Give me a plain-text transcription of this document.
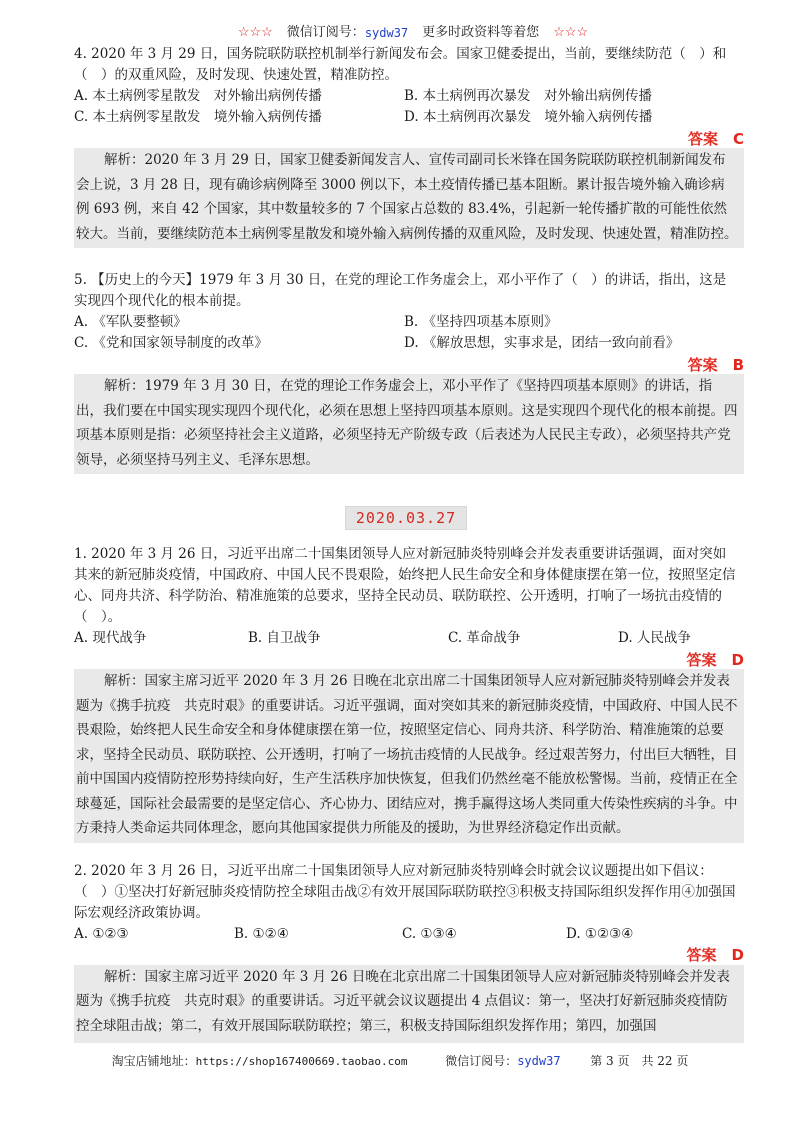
☆☆☆ 微信订阅号： sydw37 更多时政资料等着您 ☆☆☆

4. 2020 年 3 月 29 日，国务院联防联控机制举行新闻发布会。国家卫健委提出，当前，要继续防范（　）和（　）的双重风险，及时发现、快速处置，精准防控。

A. 本土病例零星散发　对外输出病例传播	B. 本土病例再次暴发　对外输出病例传播
C. 本土病例零星散发　境外输入病例传播	D. 本土病例再次暴发　境外输入病例传播
答案　C
解析：2020 年 3 月 29 日，国家卫健委新闻发言人、宣传司副司长米锋在国务院联防联控机制新闻发布会上说，3 月 28 日，现有确诊病例降至 3000 例以下，本土疫情传播已基本阻断。累计报告境外输入确诊病例 693 例，来自 42 个国家，其中数量较多的 7 个国家占总数的 83.4%，引起新一轮传播扩散的可能性依然较大。当前，要继续防范本土病例零星散发和境外输入病例传播的双重风险，及时发现、快速处置，精准防控。

5. 【历史上的今天】1979 年 3 月 30 日，在党的理论工作务虚会上，邓小平作了（　）的讲话，指出，这是实现四个现代化的根本前提。

A. 《军队要整顿》	B. 《坚持四项基本原则》
C. 《党和国家领导制度的改革》	D. 《解放思想，实事求是，团结一致向前看》
答案　B
解析：1979 年 3 月 30 日，在党的理论工作务虚会上，邓小平作了《坚持四项基本原则》的讲话，指出，我们要在中国实现实现四个现代化，必须在思想上坚持四项基本原则。这是实现四个现代化的根本前提。四项基本原则是指：必须坚持社会主义道路，必须坚持无产阶级专政（后表述为人民民主专政），必须坚持共产党领导，必须坚持马列主义、毛泽东思想。
2020.03.27

1. 2020 年 3 月 26 日，习近平出席二十国集团领导人应对新冠肺炎特别峰会并发表重要讲话强调，面对突如其来的新冠肺炎疫情，中国政府、中国人民不畏艰险，始终把人民生命安全和身体健康摆在第一位，按照坚定信心、同舟共济、科学防治、精准施策的总要求，坚持全民动员、联防联控、公开透明，打响了一场抗击疫情的（　）。

A. 现代战争	B. 自卫战争	C. 革命战争	D. 人民战争
答案　D
解析：国家主席习近平 2020 年 3 月 26 日晚在北京出席二十国集团领导人应对新冠肺炎特别峰会并发表题为《携手抗疫　共克时艰》的重要讲话。习近平强调，面对突如其来的新冠肺炎疫情，中国政府、中国人民不畏艰险，始终把人民生命安全和身体健康摆在第一位，按照坚定信心、同舟共济、科学防治、精准施策的总要求，坚持全民动员、联防联控、公开透明，打响了一场抗击疫情的人民战争。经过艰苦努力，付出巨大牺牲，目前中国国内疫情防控形势持续向好，生产生活秩序加快恢复，但我们仍然丝毫不能放松警惕。当前，疫情正在全球蔓延，国际社会最需要的是坚定信心、齐心协力、团结应对，携手赢得这场人类同重大传染性疾病的斗争。中方秉持人类命运共同体理念，愿向其他国家提供力所能及的援助，为世界经济稳定作出贡献。

2. 2020 年 3 月 26 日，习近平出席二十国集团领导人应对新冠肺炎特别峰会时就会议议题提出如下倡议：（　）①坚决打好新冠肺炎疫情防控全球阻击战②有效开展国际联防联控③积极支持国际组织发挥作用④加强国际宏观经济政策协调。

A. ①②③	B. ①②④	C. ①③④	D. ①②③④
答案　D
解析：国家主席习近平 2020 年 3 月 26 日晚在北京出席二十国集团领导人应对新冠肺炎特别峰会并发表题为《携手抗疫　共克时艰》的重要讲话。习近平就会议议题提出 4 点倡议：第一，坚决打好新冠肺炎疫情防控全球阻击战；第二，有效开展国际联防联控；第三，积极支持国际组织发挥作用；第四，加强国
淘宝店铺地址：https://shop167400669.taobao.com	微信订阅号：sydw37 第 3 页　共 22 页
